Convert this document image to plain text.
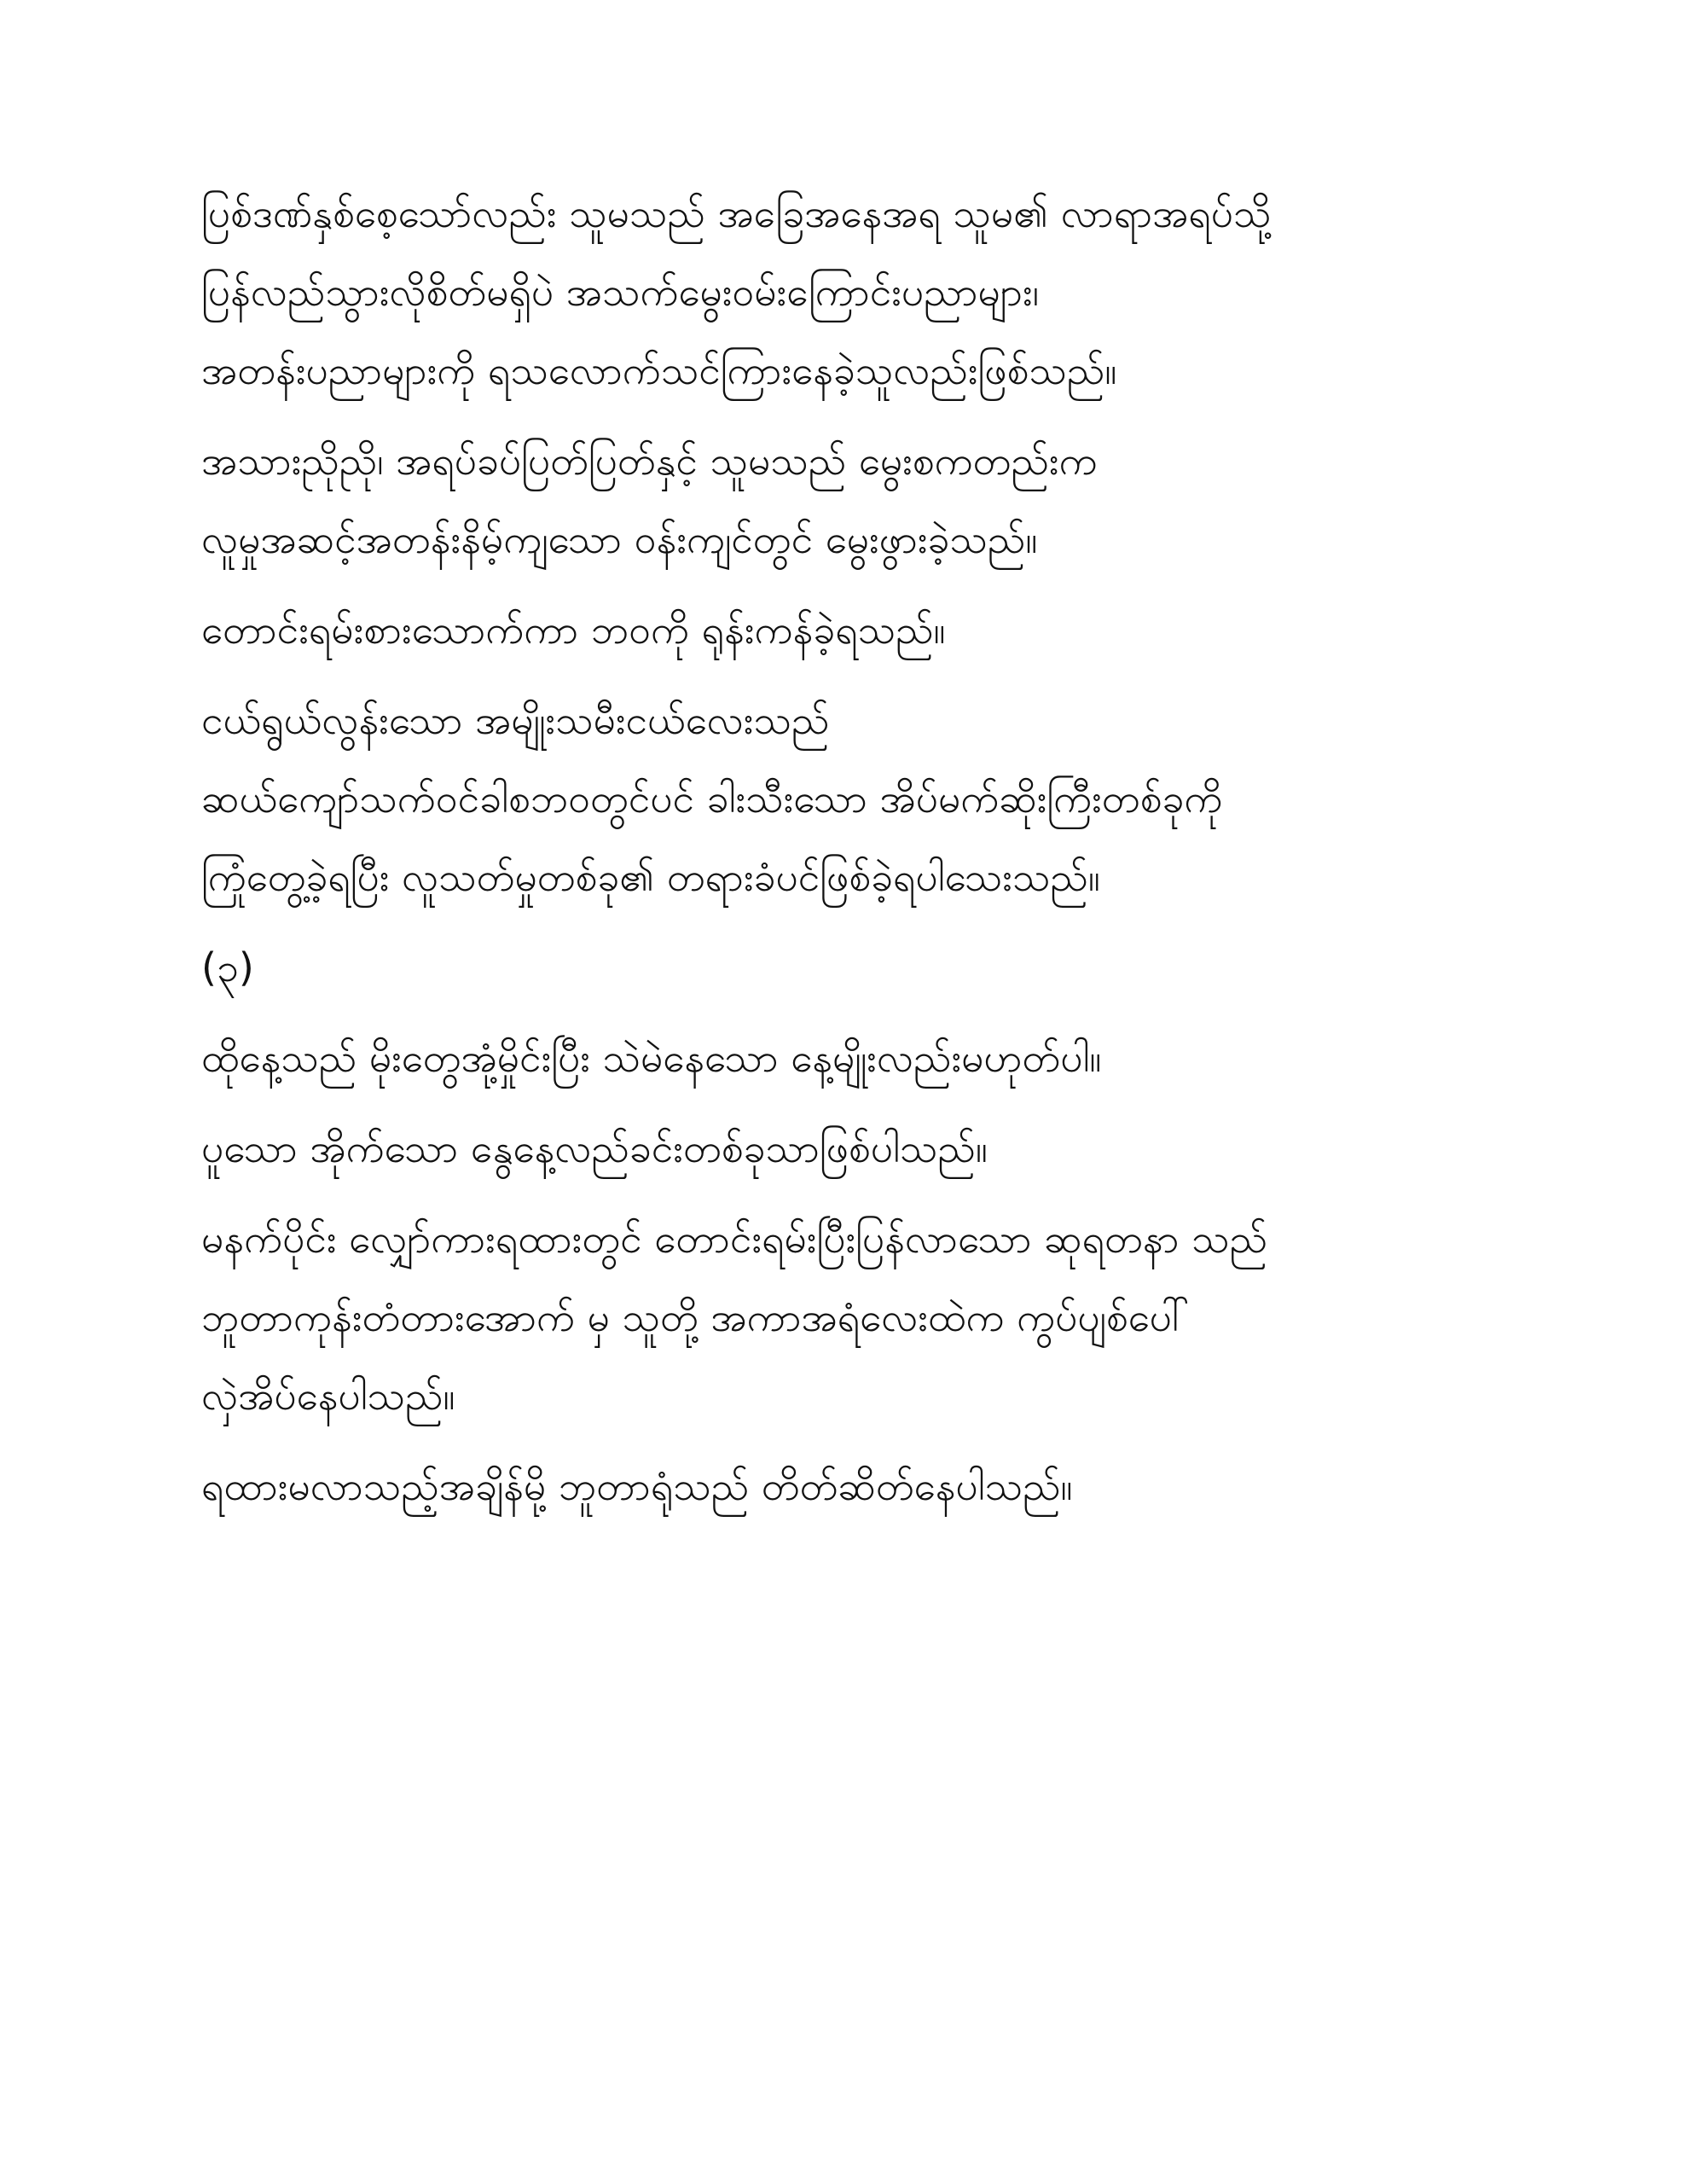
ပြစ်ဒဏ်နှစ်စေ့သော်လည်း သူမသည် အခြေအနေအရ သူမ၏ လာရာအရပ်သို့
ပြန်လည်သွားလိုစိတ်မရှိပဲ အသက်မွေးဝမ်းကြောင်းပညာများ၊
အတန်းပညာများကို ရသလောက်သင်ကြားနေခဲ့သူလည်းဖြစ်သည်။
အသားညိုညို၊ အရပ်ခပ်ပြတ်ပြတ်နှင့် သူမသည် မွေးစကတည်းက
လူမှုအဆင့်အတန်းနိမ့်ကျသော ဝန်းကျင်တွင် မွေးဖွားခဲ့သည်။
တောင်းရမ်းစားသောက်ကာ ဘဝကို ရုန်းကန်ခဲ့ရသည်။
ငယ်ရွယ်လွန်းသော အမျိုးသမီးငယ်လေးသည်
ဆယ်ကျော်သက်ဝင်ခါစဘဝတွင်ပင် ခါးသီးသော အိပ်မက်ဆိုးကြီးတစ်ခုကို
ကြုံတွေ့ခဲ့ရပြီး လူသတ်မှုတစ်ခု၏ တရားခံပင်ဖြစ်ခဲ့ရပါသေးသည်။
(၃)
ထိုနေ့သည် မိုးတွေအုံ့မှိုင်းပြီး သဲမဲနေသော နေ့မျိုးလည်းမဟုတ်ပါ။
ပူသော အိုက်သော နွေနေ့လည်ခင်းတစ်ခုသာဖြစ်ပါသည်။
မနက်ပိုင်း လျှော်ကားရထားတွင် တောင်းရမ်းပြီးပြန်လာသော ဆုရတနာ သည်
ဘူတာကုန်းတံတားအောက် မှ သူတို့ အကာအရံလေးထဲက ကွပ်ပျစ်ပေါ်
လှဲအိပ်နေပါသည်။
ရထားမလာသည့်အချိန်မို့ ဘူတာရုံသည် တိတ်ဆိတ်နေပါသည်။
